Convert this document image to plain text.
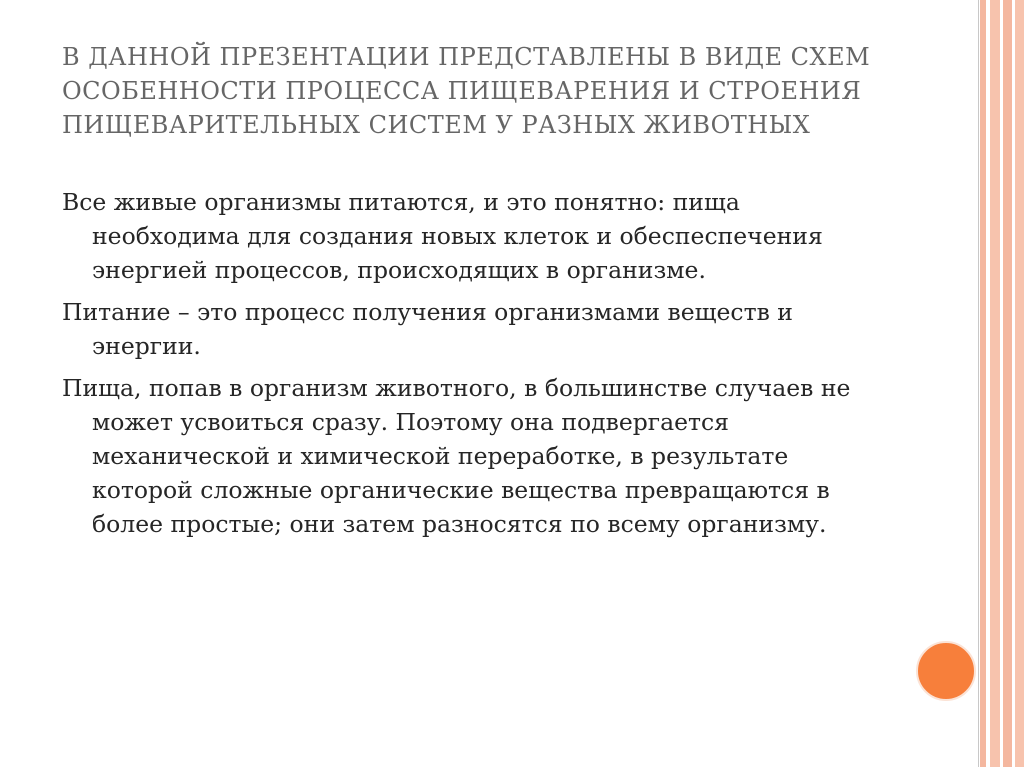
В ДАННОЙ ПРЕЗЕНТАЦИИ ПРЕДСТАВЛЕНЫ В ВИДЕ СХЕМ ОСОБЕННОСТИ ПРОЦЕССА ПИЩЕВАРЕНИЯ И СТРОЕНИЯ ПИЩЕВАРИТЕЛЬНЫХ СИСТЕМ У РАЗНЫХ ЖИВОТНЫХ
Все живые организмы питаются, и это понятно: пища необходима для создания новых клеток и обеспеспечения энергией процессов, происходящих в организме.
Питание – это процесс получения организмами веществ и энергии.
Пища, попав в организм животного, в большинстве случаев не может усвоиться сразу. Поэтому она подвергается механической и химической переработке, в результате которой сложные органические вещества превращаются в более простые; они затем разносятся по всему организму.
